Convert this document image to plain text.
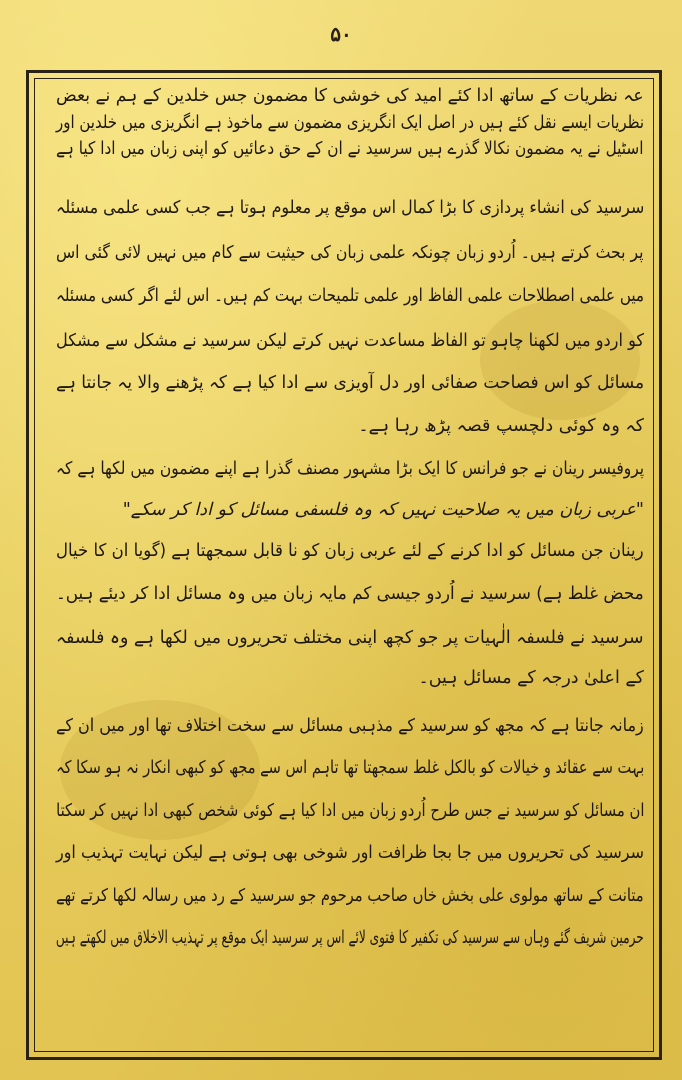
۵۰
عہ نظریات کے ساتھ ادا کئے امید کی خوشی کا مضمون جس خلدین کے ہم نے بعض
نظریات ایسے نقل کئے ہیں در اصل ایک انگریزی مضمون سے ماخوذ ہے انگریزی میں خلدین اور
اسٹیل نے یہ مضمون نکالا گذرے ہیں سرسید نے ان کے حق دعائیں کو اپنی زبان میں ادا کیا ہے
سرسید کی انشاء پردازی کا بڑا کمال اس موقع پر معلوم ہوتا ہے جب کسی علمی مسئلہ
پر بحث کرتے ہیں۔ اُردو زبان چونکہ علمی زبان کی حیثیت سے کام میں نہیں لائی گئی اس
میں علمی اصطلاحات علمی الفاظ اور علمی تلمیحات بہت کم ہیں۔ اس لئے اگر کسی مسئلہ
کو اردو میں لکھنا چاہو تو الفاظ مساعدت نہیں کرتے لیکن سرسید نے مشکل سے مشکل
مسائل کو اس فصاحت صفائی اور دل آویزی سے ادا کیا ہے کہ پڑھنے والا یہ جانتا ہے
کہ وہ کوئی دلچسپ قصہ پڑھ رہا ہے۔
پروفیسر رینان نے جو فرانس کا ایک بڑا مشہور مصنف گذرا ہے اپنے مضمون میں لکھا ہے کہ
"عربی زبان میں یہ صلاحیت نہیں کہ وہ فلسفی مسائل کو ادا کر سکے"
رینان جن مسائل کو ادا کرنے کے لئے عربی زبان کو نا قابل سمجھتا ہے (گویا ان کا خیال
محض غلط ہے) سرسید نے اُردو جیسی کم مایہ زبان میں وہ مسائل ادا کر دیئے ہیں۔
سرسید نے فلسفہ الٰہیات پر جو کچھ اپنی مختلف تحریروں میں لکھا ہے وہ فلسفہ
کے اعلیٰ درجہ کے مسائل ہیں۔
زمانہ جانتا ہے کہ مجھ کو سرسید کے مذہبی مسائل سے سخت اختلاف تھا اور میں ان کے
بہت سے عقائد و خیالات کو بالکل غلط سمجھتا تھا تاہم اس سے مجھ کو کبھی انکار نہ ہو سکا کہ
ان مسائل کو سرسید نے جس طرح اُردو زبان میں ادا کیا ہے کوئی شخص کبھی ادا نہیں کر سکتا
سرسید کی تحریروں میں جا بجا ظرافت اور شوخی بھی ہوتی ہے لیکن نہایت تہذیب اور
متانت کے ساتھ مولوی علی بخش خاں صاحب مرحوم جو سرسید کے رد میں رسالہ لکھا کرتے تھے
حرمین شریف گئے وہاں سے سرسید کی تکفیر کا فتوی لائے اس پر سرسید ایک موقع پر تہذیب الاخلاق میں لکھتے ہیں
